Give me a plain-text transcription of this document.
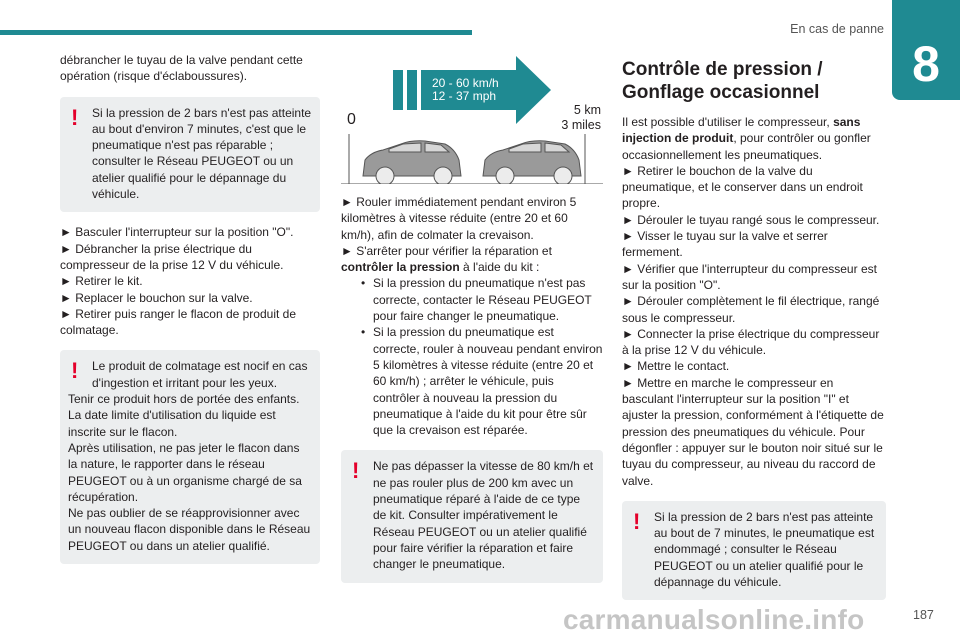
En cas de panne
8

débrancher le tuyau de la valve pendant cette opération (risque d'éclaboussures).

!	Si la pression de 2 bars n'est pas atteinte au bout d'environ 7 minutes, c'est que le pneumatique n'est pas réparable ; consulter le Réseau PEUGEOT ou un atelier qualifié pour le dépannage du véhicule.

► Basculer l'interrupteur sur la position "O".

► Débrancher la prise électrique du compresseur de la prise 12 V du véhicule.

► Retirer le kit.

► Replacer le bouchon sur la valve.

► Retirer puis ranger le flacon de produit de colmatage.

!	Le produit de colmatage est nocif en cas d'ingestion et irritant pour les yeux.

Tenir ce produit hors de portée des enfants.

La date limite d'utilisation du liquide est inscrite sur le flacon.

Après utilisation, ne pas jeter le flacon dans la nature, le rapporter dans le réseau PEUGEOT ou à un organisme chargé de sa récupération.

Ne pas oublier de se réapprovisionner avec un nouveau flacon disponible dans le Réseau PEUGEOT ou dans un atelier qualifié.

20 - 60 km/h
12 - 37 mph
0
5 km
3 miles

► Rouler immédiatement pendant environ 5 kilomètres à vitesse réduite (entre 20 et 60 km/h), afin de colmater la crevaison.

► S'arrêter pour vérifier la réparation et contrôler la pression à l'aide du kit :

• Si la pression du pneumatique n'est pas correcte, contacter le Réseau PEUGEOT pour faire changer le pneumatique.
• Si la pression du pneumatique est correcte, rouler à nouveau pendant environ 5 kilomètres à vitesse réduite (entre 20 et 60 km/h) ; arrêter le véhicule, puis contrôler à nouveau la pression du pneumatique à l'aide du kit pour être sûr que la crevaison est réparée.
!	Ne pas dépasser la vitesse de 80 km/h et ne pas rouler plus de 200 km avec un pneumatique réparé à l'aide de ce type de kit. Consulter impérativement le Réseau PEUGEOT ou un atelier qualifié pour faire vérifier la réparation et faire changer le pneumatique.

Contrôle de pression / Gonflage occasionnel

Il est possible d'utiliser le compresseur, sans injection de produit, pour contrôler ou gonfler occasionnellement les pneumatiques.

► Retirer le bouchon de la valve du pneumatique, et le conserver dans un endroit propre.

► Dérouler le tuyau rangé sous le compresseur.

► Visser le tuyau sur la valve et serrer fermement.

► Vérifier que l'interrupteur du compresseur est sur la position "O".

► Dérouler complètement le fil électrique, rangé sous le compresseur.

► Connecter la prise électrique du compresseur à la prise 12 V du véhicule.

► Mettre le contact.

► Mettre en marche le compresseur en basculant l'interrupteur sur la position "I" et ajuster la pression, conformément à l'étiquette de pression des pneumatiques du véhicule. Pour dégonfler : appuyer sur le bouton noir situé sur le tuyau du compresseur, au niveau du raccord de valve.

!	Si la pression de 2 bars n'est pas atteinte au bout de 7 minutes, le pneumatique est endommagé ; consulter le Réseau PEUGEOT ou un atelier qualifié pour le dépannage du véhicule.

carmanualsonline.info	187
